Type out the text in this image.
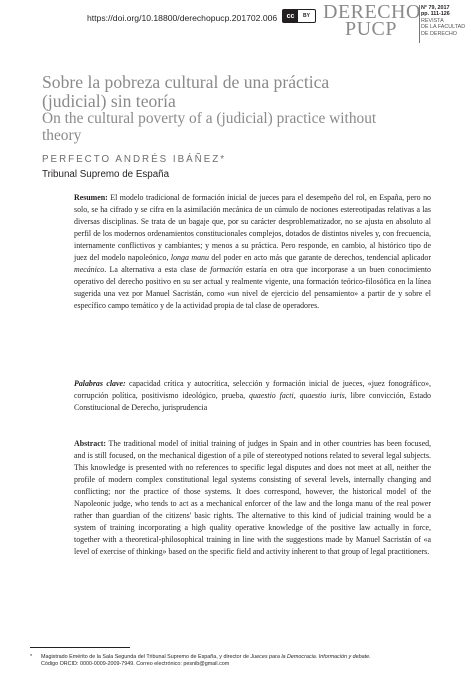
https://doi.org/10.18800/derechopucp.201702.006	cc	BY DERECHO
PUCP
N° 79, 2017
pp. 111-126
REVISTA
DE LA FACULTAD
DE DERECHO
Sobre la pobreza cultural de una práctica
(judicial) sin teoría
On the cultural poverty of a (judicial) practice without
theory
PERFECTO ANDRÉS IBÁÑEZ*
Tribunal Supremo de España
Resumen: El modelo tradicional de formación inicial de jueces para el desempeño del rol, en España, pero no solo, se ha cifrado y se cifra en la asimilación mecánica de un cúmulo de nociones estereotipadas relativas a las diversas disciplinas. Se trata de un bagaje que, por su carácter desproblematizador, no se ajusta en absoluto al perfil de los modernos ordenamientos constitucionales complejos, dotados de distintos niveles y, con frecuencia, internamente conflictivos y cambiantes; y menos a su práctica. Pero responde, en cambio, al histórico tipo de juez del modelo napoleónico, longa manu del poder en acto más que garante de derechos, tendencial aplicador mecánico. La alternativa a esta clase de formación estaría en otra que incorporase a un buen conocimiento operativo del derecho positivo en su ser actual y realmente vigente, una formación teórico-filosófica en la línea sugerida una vez por Manuel Sacristán, como «un nivel de ejercicio del pensamiento» a partir de y sobre el específico campo temático y de la actividad propia de tal clase de operadores.
Palabras clave: capacidad crítica y autocrítica, selección y formación inicial de jueces, «juez fonográfico», corrupción política, positivismo ideológico, prueba, quaestio facti, quaestio iuris, libre convicción, Estado Constitucional de Derecho, jurisprudencia
Abstract: The traditional model of initial training of judges in Spain and in other countries has been focused, and is still focused, on the mechanical digestion of a pile of stereotyped notions related to several legal subjects. This knowledge is presented with no references to specific legal disputes and does not meet at all, neither the profile of modern complex constitutional legal systems consisting of several levels, internally changing and conflicting; nor the practice of those systems. It does correspond, however, the historical model of the Napoleonic judge, who tends to act as a mechanical enforcer of the law and the longa manu of the real power rather than guardian of the citizens' basic rights. The alternative to this kind of judicial training would be a system of training incorporating a high quality operative knowledge of the positive law actually in force, together with a theoretical-philosophical training in line with the suggestions made by Manuel Sacristán of «a level of exercise of thinking» based on the specific field and activity inherent to that group of legal practitioners.
* Magistrado Emérito de la Sala Segunda del Tribunal Supremo de España, y director de Jueces para la Democracia. Información y debate.
Código ORCID: 0000-0009-2009-7949. Correo electrónico: pesnib@gmail.com
